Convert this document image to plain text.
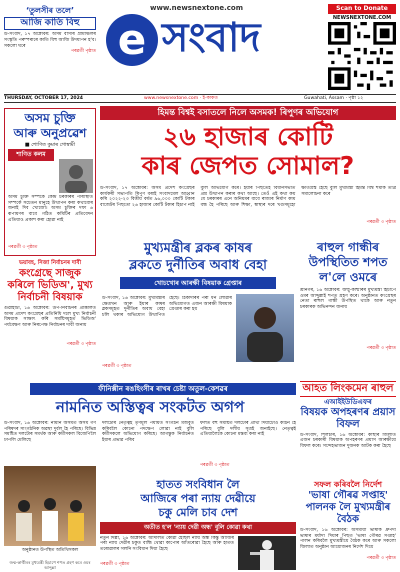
‘তুলসীৰ তলে’
আজি কাতি বিহু
উ-সংবাদ, ১৭ অক্টোবৰ: অসম বাসীৰ গ্ৰামাঞ্চলৰ সংস্কৃতি পৰম্পৰাৰে কাতি বিহু আজি উদযাপন হ'ব। সকলো ঘৰে
পৰৱৰ্তী পৃষ্ঠাত
www.newsnextone.com
e সংবাদ
Scan to Donate
NEWSNEXTONE.COM
THURSDAY, OCTOBER 17, 2024	www.newsnextone.com · ই-কাকত	Guwahati, Assam · পৃষ্ঠা ১২
হিমন্ত বিশ্বই বসাতলে নিলে অসমক! ৰিপুণৰ অভিযোগ
অসম চুক্তি
আৰু অনুপ্ৰৱেশ
■ শোণিত কুমাৰ গোস্বামী
শাণিত কলম
অসম চুক্তি সম্পৰ্কে কেন্দ্ৰ চৰকাৰৰ পৰিস্থিতি সম্পৰ্কে সচেতন মানুহে উত্থাপন কৰা কথাবোৰ জনাই দিব খোজো। অসম চুক্তিৰ দফা ৬ ৰূপায়ণৰ বাবে গঠিত কমিটিৰ প্ৰতিবেদন এতিয়াও প্ৰকাশ কৰা হোৱা নাই
পৰৱৰ্তী ৩ পৃষ্ঠাত
২৬ হাজাৰ কোটি
কাৰ জেপত সোমাল?
উ-সংবাদ, ১৭ অক্টোবৰ: অসম প্ৰদেশ কংগ্ৰেছৰ কাৰ্যকৰী সভাপতি ৰিপুণ বৰাই সংবাদমেল আহ্বান কৰি ২০২২-২৩ বিত্তীয় বৰ্ষত ৯৬,০০০ কোটি টকাৰ বাজেটৰ পিছতো ২৬ হাজাৰ কোটি টকাৰ হিচাপ নাই বুলি অভিযোগ কৰে। ইয়াৰ পিছতেই বিধানসভাত প্ৰশ্ন উত্থাপন কৰাৰ কথা আছে। তেওঁ এই কথা কয় যে চৰকাৰৰ এনে অনিয়মৰ বাবে ৰাজ্যৰ নিৰ্মাণ কাম বন্ধ হৈ পৰিছে আৰু শিক্ষা, স্বাস্থ্যৰ দৰে খণ্ডসমূহো ক্ষতিগ্ৰস্ত হৈছে বুলি মুখ্যমন্ত্ৰী হিমন্ত বিশ্ব শৰ্মাক তীব্ৰ সমালোচনা কৰে
পৰৱৰ্তী ৩ পৃষ্ঠাত
ভয়াবহ, নিজা নিৰ্বাচনৰ দাবী
কংগ্ৰেছে সাজুক কৰিলে ভিডিঅ', মুখ্য নিৰ্বাচনী বিষয়াক
গুৱাহাটী, ১৬ অক্টোবৰ: উপ-নিৰ্বাচনৰ প্ৰাক্কালত অসম প্ৰদেশ কংগ্ৰেছৰ প্ৰতিনিধি দলে মুখ্য নিৰ্বাচনী বিষয়াক সাক্ষাৎ কৰি সমষ্টিসমূহত ভিডিঅ' পৰ্যবেক্ষণ আৰু নিৰপেক্ষ নিৰ্বাচনৰ দাবী জনায়
পৰৱৰ্তী ৩ পৃষ্ঠাত
মুখ্যমন্ত্ৰীৰ ব্লকৰ কাষৰ
ব্লকতে দুৰ্নীতিৰ অবাধ বেহা
খোচখোৰ আৰক্ষী বিষয়াক গ্ৰেপ্তাৰ
উ-সংবাদ, ১৬ অক্টোবৰ: মুখ্যমন্ত্ৰীৰ ক্ষেত্ৰখন আৰু ইয়াৰ কাষৰ ব্লকসমূহত দুৰ্নীতিৰ অবাধ বেহা চলি থকাৰ অভিযোগ উত্থাপিত হৈছে। ঠিকাদাৰৰ পৰা ধন লোৱাৰ অভিযোগত এজন আৰক্ষী বিষয়াক গ্ৰেপ্তাৰ কৰা হয়
পৰৱৰ্তী ৩ পৃষ্ঠাত
ৰাহুল গান্ধীৰ উপস্থিতিত শপত ল'লে ওমৰে
শ্ৰীনগৰ, ১৬ অক্টোবৰ: জম্মু-কাশ্মীৰৰ মুখ্যমন্ত্ৰী হিচাপে ওমৰ আব্দুল্লাই শপত গ্ৰহণ কৰে। অনুষ্ঠানত কংগ্ৰেছৰ নেতা ৰাহুল গান্ধী উপস্থিত থাকে আৰু নতুন চৰকাৰক অভিনন্দন জনায়
পৰৱৰ্তী ৩ পৃষ্ঠাত
ফীনিক্সীন ৰঙহিংসীৰ ৰাখৰ চেষ্টা অতুল-কেশৱৰ	আহত লিংকমেন ৰাহুল
নামনিত অস্তিত্বৰ সংকটত অগপ
উ-সংবাদ, ১৬ অক্টোবৰ: নামনি অসমত অসম গণ পৰিষদৰ সাংগঠনিক অৱস্থা দুৰ্বল হৈ পৰিছে। বিভিন্ন সমষ্টিত দলটোৰ সমৰ্থক আৰু কৰ্মীসকল বিজেপিলৈ ঢাপলি মেলিছে
দলটোৰ নেতৃত্বই তৃণমূল পৰ্যায়ত সংগঠন মজবুত কৰিবলৈ কোনো পদক্ষেপ লোৱা নাই বুলি কৰ্মীসকলে অভিযোগ কৰিছে। আগন্তুক নিৰ্বাচনত ইয়াৰ প্ৰভাৱ পৰিব
ফলত বহু সমষ্টিত দলটোৰ প্ৰাৰ্থী দিয়াটোও কঠিন হৈ পৰিছে বুলি দলীয় সূত্ৰই জনাইছে। নেতৃত্বই এতিয়ালৈকে কোনো মন্তব্য কৰা নাই
পৰৱৰ্তী ৩ পৃষ্ঠাত
অনুষ্ঠানত উপস্থিত অতিথিসকল
হাতত সংবিধান লৈ
আজিৰে পৰা ন্যায় দেৱীয়ে
চকু মেলি চাব দেশ
অতীত হ'ল 'ন্যায় দেৱী অন্ধ' বুলি কোৱা কথা
নতুন দিল্লী, ১৬ অক্টোবৰ: আদালত কোৱা হৈছিল ন্যায় অন্ধ কিন্তু আজিৰ পৰা ন্যায় দেৱীৰ চকুত বান্ধি থোৱা কাপোৰ আঁতৰোৱা হৈছে আৰু হাতত তৰোৱালৰ সলনি সংবিধান দিয়া হৈছে
পৰৱৰ্তী ৩ পৃষ্ঠাত
এআইইউডিএফৰ
বিষয়ক অপহৰণৰ প্ৰয়াস বিফল
উ-সংবাদ, শিলচাৰ, ১৬ অক্টোবৰ: কাছাৰ জিলাত এজন চৰকাৰী বিষয়াক অপহৰণৰ প্ৰয়াস আৰক্ষীয়ে বিফল কৰে। সন্দেহভাজন দুজনক আটক কৰা হৈছে
সফল কৰিবলৈ নিৰ্দেশ
'ভাষা গৌৰৱ সপ্তাহ' পালনক লৈ মুখ্যমন্ত্ৰীৰ বৈঠক
উ-সংবাদ, ১৬ অক্টোবৰ: অসমীয়া ভাষাক ধ্ৰুপদী ভাষাৰ মৰ্যাদা দিয়াৰ পিছত 'ভাষা গৌৰৱ সপ্তাহ' পালন কৰিবলৈ মুখ্যমন্ত্ৰীয়ে বৈঠক কৰে আৰু সকলো জিলাত অনুষ্ঠান আয়োজনৰ নিৰ্দেশ দিয়ে
পৰৱৰ্তী ৩ পৃষ্ঠাত
জন্ম-কাশ্মীৰৰ মুখ্যমন্ত্ৰী হিচাপে শপত গ্ৰহণ কৰে ওমৰ আব্দুল্লা
